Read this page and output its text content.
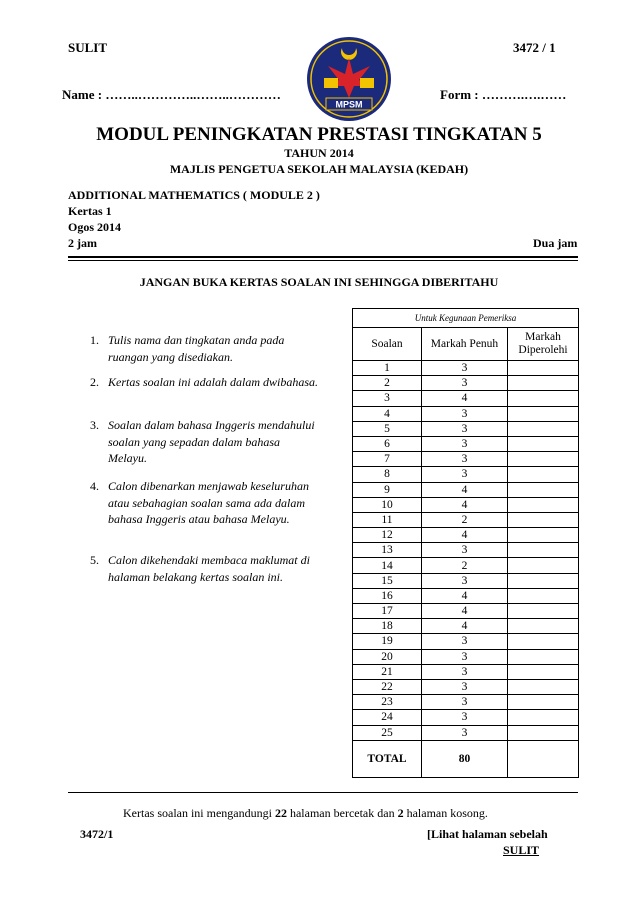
SULIT	3472 / 1
Name : ……..…………..……..…………	Form : ……….….……
MPSM
MODUL PENINGKATAN PRESTASI TINGKATAN 5
TAHUN 2014
MAJLIS PENGETUA SEKOLAH MALAYSIA (KEDAH)
ADDITIONAL MATHEMATICS ( MODULE 2 )
Kertas 1
Ogos 2014
2 jam	Dua jam
JANGAN BUKA KERTAS SOALAN INI SEHINGGA DIBERITAHU
1. Tulis nama dan tingkatan anda pada ruangan yang disediakan.
2. Kertas soalan ini adalah dalam dwibahasa.
3. Soalan dalam bahasa Inggeris mendahului soalan yang sepadan dalam bahasa Melayu.
4. Calon dibenarkan menjawab keseluruhan atau sebahagian soalan sama ada dalam bahasa Inggeris atau bahasa Melayu.
5. Calon dikehendaki membaca maklumat di halaman belakang kertas soalan ini.
Untuk Kegunaan Pemeriksa		
Soalan	Markah Penuh	Markah Diperolehi
1	3	
2	3	
3	4	
4	3	
5	3	
6	3	
7	3	
8	3	
9	4	
10	4	
11	2	
12	4	
13	3	
14	2	
15	3	
16	4	
17	4	
18	4	
19	3	
20	3	
21	3	
22	3	
23	3	
24	3	
25	3	
TOTAL	80	
Kertas soalan ini mengandungi 22 halaman bercetak dan 2 halaman kosong.
3472/1	[Lihat halaman sebelah
SULIT
